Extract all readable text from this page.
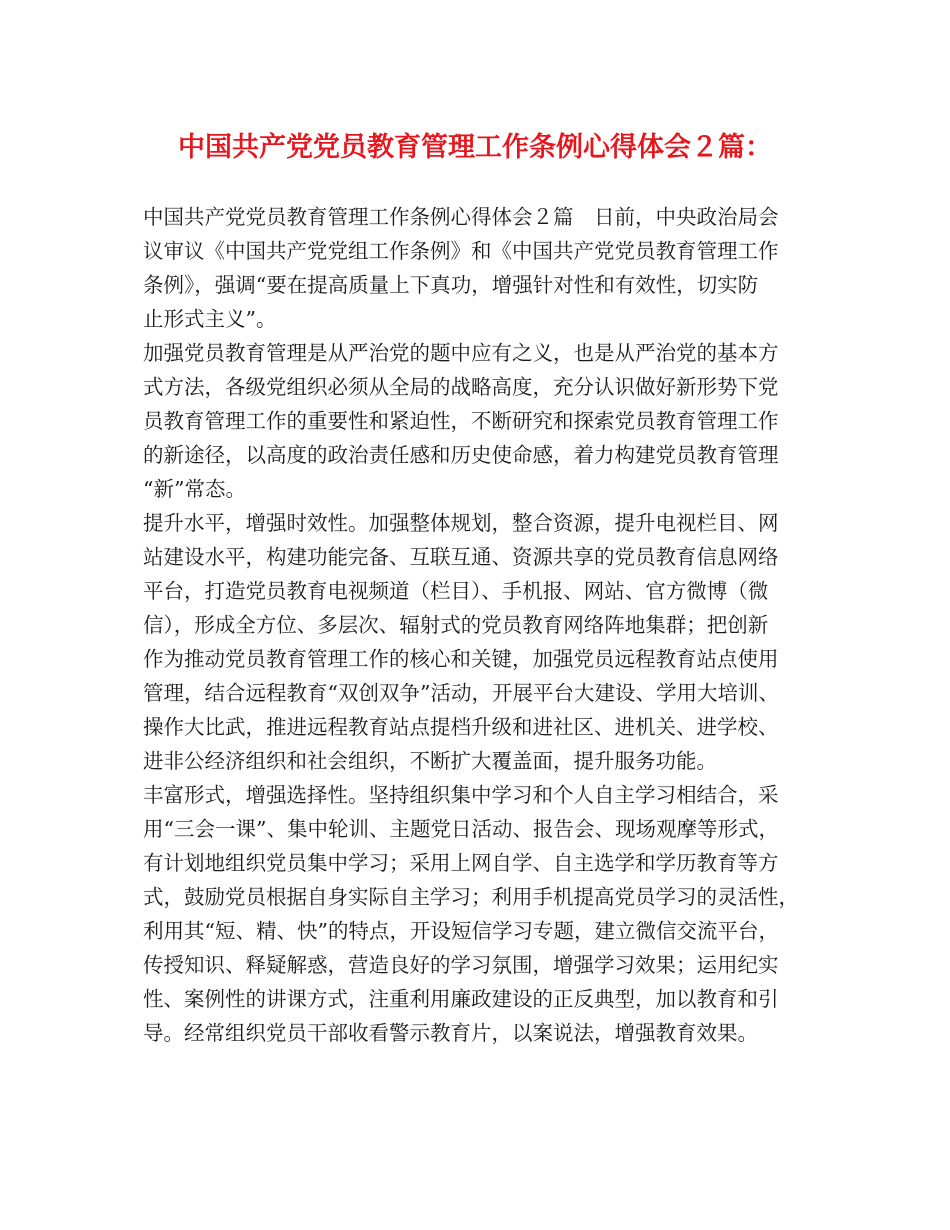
中国共产党党员教育管理工作条例心得体会２篇：

中国共产党党员教育管理工作条例心得体会２篇　日前，中央政治局会
议审议《中国共产党党组工作条例》和《中国共产党党员教育管理工作
条例》，强调“要在提高质量上下真功，增强针对性和有效性，切实防
止形式主义”。

加强党员教育管理是从严治党的题中应有之义，也是从严治党的基本方
式方法，各级党组织必须从全局的战略高度，充分认识做好新形势下党
员教育管理工作的重要性和紧迫性，不断研究和探索党员教育管理工作
的新途径，以高度的政治责任感和历史使命感，着力构建党员教育管理
“新”常态。

提升水平，增强时效性。加强整体规划，整合资源，提升电视栏目、网
站建设水平，构建功能完备、互联互通、资源共享的党员教育信息网络
平台，打造党员教育电视频道（栏目）、手机报、网站、官方微博（微
信），形成全方位、多层次、辐射式的党员教育网络阵地集群；把创新
作为推动党员教育管理工作的核心和关键，加强党员远程教育站点使用
管理，结合远程教育“双创双争”活动，开展平台大建设、学用大培训、
操作大比武，推进远程教育站点提档升级和进社区、进机关、进学校、
进非公经济组织和社会组织，不断扩大覆盖面，提升服务功能。

丰富形式，增强选择性。坚持组织集中学习和个人自主学习相结合，采
用“三会一课”、集中轮训、主题党日活动、报告会、现场观摩等形式，
有计划地组织党员集中学习；采用上网自学、自主选学和学历教育等方
式，鼓励党员根据自身实际自主学习；利用手机提高党员学习的灵活性，
利用其“短、精、快”的特点，开设短信学习专题，建立微信交流平台，
传授知识、释疑解惑，营造良好的学习氛围，增强学习效果；运用纪实
性、案例性的讲课方式，注重利用廉政建设的正反典型，加以教育和引
导。经常组织党员干部收看警示教育片，以案说法，增强教育效果。
